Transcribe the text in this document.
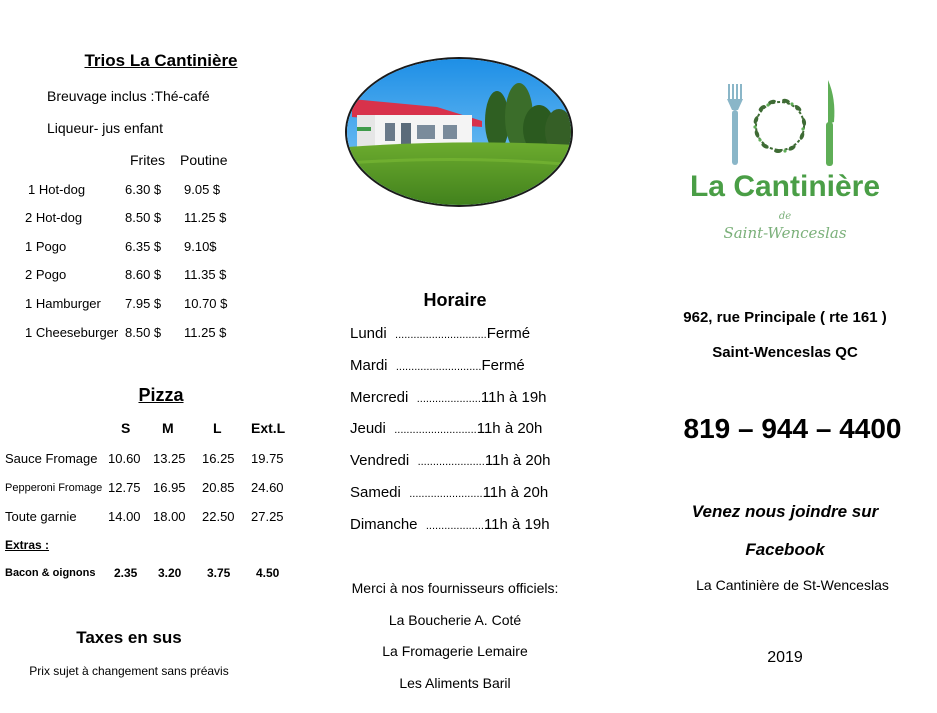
Trios La Cantinière
Breuvage inclus :Thé-café
Liqueur- jus enfant
Frites Poutine
1 Hot-dog	6.30 $ 9.05 $
2 Hot-dog	8.50 $ 11.25 $
1 Pogo	6.35 $ 9.10$
2 Pogo	8.60 $ 11.35 $
1 Hamburger 7.95 $ 10.70 $
1 Cheeseburger 8.50 $ 11.25 $
Pizza
S M	L Ext.L
Sauce Fromage 10.60 13.25 16.25 19.75
Pepperoni Fromage 12.75 16.95 20.85 24.60
Toute garnie 14.00 18.00 22.50 27.25
Extras :
Bacon & oignons 2.35 3.20 3.75 4.50
Taxes en sus
Prix sujet à changement sans préavis
Horaire
Lundi ..............................Fermé
Mardi ............................Fermé
Mercredi .....................11h à 19h
Jeudi ...........................11h à 20h
Vendredi ......................11h à 20h
Samedi ........................11h à 20h
Dimanche ...................11h à 19h
Merci à nos fournisseurs officiels:
La Boucherie A. Coté
La Fromagerie Lemaire
Les Aliments Baril
La Cantinière
de
Saint-Wenceslas
962, rue Principale ( rte 161 )
Saint-Wenceslas QC
819 – 944 – 4400
Venez nous joindre sur
Facebook
La Cantinière de St-Wenceslas
2019
